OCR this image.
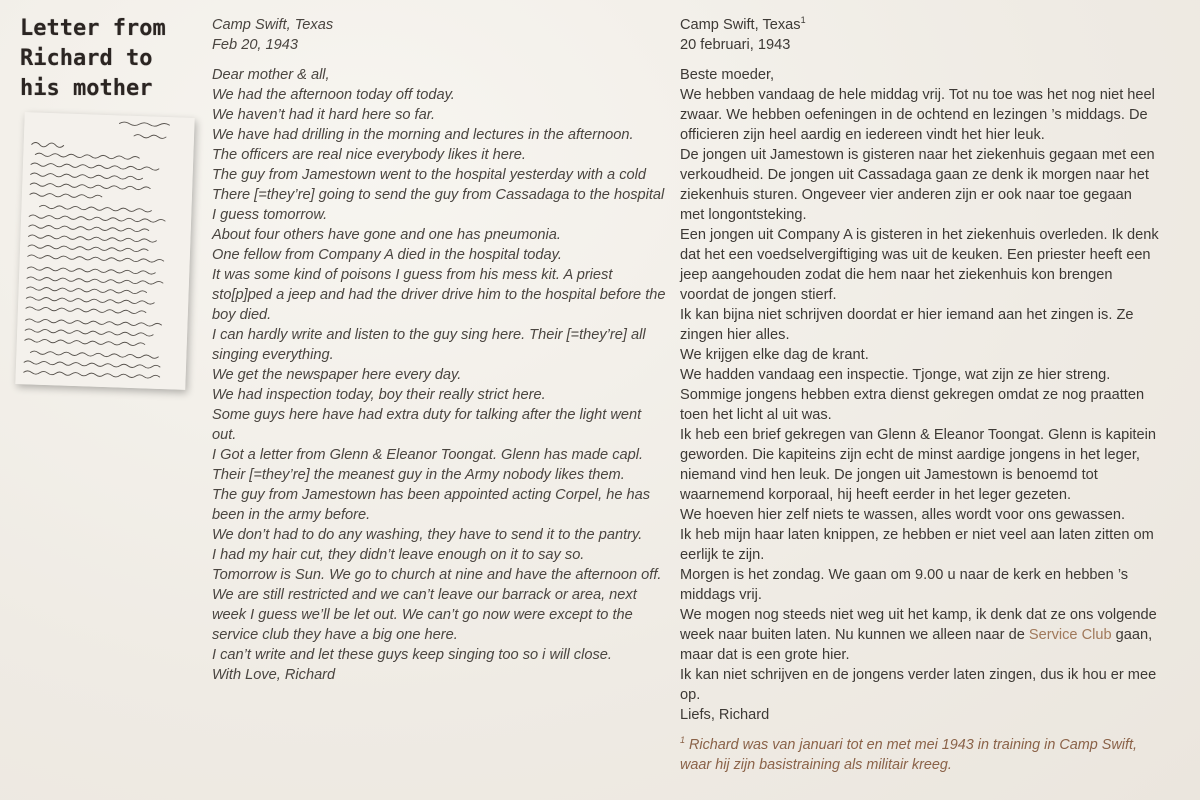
Letter from
Richard to
his mother
Camp Swift, Texas
Feb 20, 1943
Dear mother & all,
We had the afternoon today off today.
We haven’t had it hard here so far.
We have had drilling in the morning and lectures in the afternoon.
The officers are real nice everybody likes it here.
The guy from Jamestown went to the hospital yesterday with a cold
There [=they’re] going to send the guy from Cassadaga to the hospital I guess tomorrow.
About four others have gone and one has pneumonia.
One fellow from Company A died in the hospital today.
It was some kind of poisons I guess from his mess kit. A priest sto[p]ped a jeep and had the driver drive him to the hospital before the boy died.
I can hardly write and listen to the guy sing here. Their [=they’re] all singing everything.
We get the newspaper here every day.
We had inspection today, boy their really strict here.
Some guys here have had extra duty for talking after the light went out.
I Got a letter from Glenn & Eleanor Toongat. Glenn has made capl.
Their [=they’re] the meanest guy in the Army nobody likes them.
The guy from Jamestown has been appointed acting Corpel, he has been in the army before.
We don’t had to do any washing, they have to send it to the pantry.
I had my hair cut, they didn’t leave enough on it to say so.
Tomorrow is Sun. We go to church at nine and have the afternoon off.
We are still restricted and we can’t leave our barrack or area, next week I guess we’ll be let out. We can’t go now were except to the service club they have a big one here.
I can’t write and let these guys keep singing too so i will close.
With Love, Richard
Camp Swift, Texas$^1$
20 februari, 1943
Beste moeder,
We hebben vandaag de hele middag vrij. Tot nu toe was het nog niet heel zwaar. We hebben oefeningen in de ochtend en lezingen ’s middags. De officieren zijn heel aardig en iedereen vindt het hier leuk.
De jongen uit Jamestown is gisteren naar het ziekenhuis gegaan met een verkoudheid. De jongen uit Cassadaga gaan ze denk ik morgen naar het ziekenhuis sturen. Ongeveer vier anderen zijn er ook naar toe gegaan met longontsteking.
Een jongen uit Company A is gisteren in het ziekenhuis overleden. Ik denk dat het een voedselvergiftiging was uit de keuken. Een priester heeft een jeep aangehouden zodat die hem naar het ziekenhuis kon brengen voordat de jongen stierf.
Ik kan bijna niet schrijven doordat er hier iemand aan het zingen is. Ze zingen hier alles.
We krijgen elke dag de krant.
We hadden vandaag een inspectie. Tjonge, wat zijn ze hier streng.
Sommige jongens hebben extra dienst gekregen omdat ze nog praatten toen het licht al uit was.
Ik heb een brief gekregen van Glenn & Eleanor Toongat. Glenn is kapitein geworden. Die kapiteins zijn echt de minst aardige jongens in het leger, niemand vind hen leuk. De jongen uit Jamestown is benoemd tot waarnemend korporaal, hij heeft eerder in het leger gezeten.
We hoeven hier zelf niets te wassen, alles wordt voor ons gewassen.
Ik heb mijn haar laten knippen, ze hebben er niet veel aan laten zitten om eerlijk te zijn.
Morgen is het zondag. We gaan om 9.00 u naar de kerk en hebben ’s middags vrij.
We mogen nog steeds niet weg uit het kamp, ik denk dat ze ons volgende week naar buiten laten. Nu kunnen we alleen naar de Service Club gaan, maar dat is een grote hier.
Ik kan niet schrijven en de jongens verder laten zingen, dus ik hou er mee op.
Liefs, Richard
$^1$ Richard was van januari tot en met mei 1943 in training in Camp Swift, waar hij zijn basistraining als militair kreeg.
